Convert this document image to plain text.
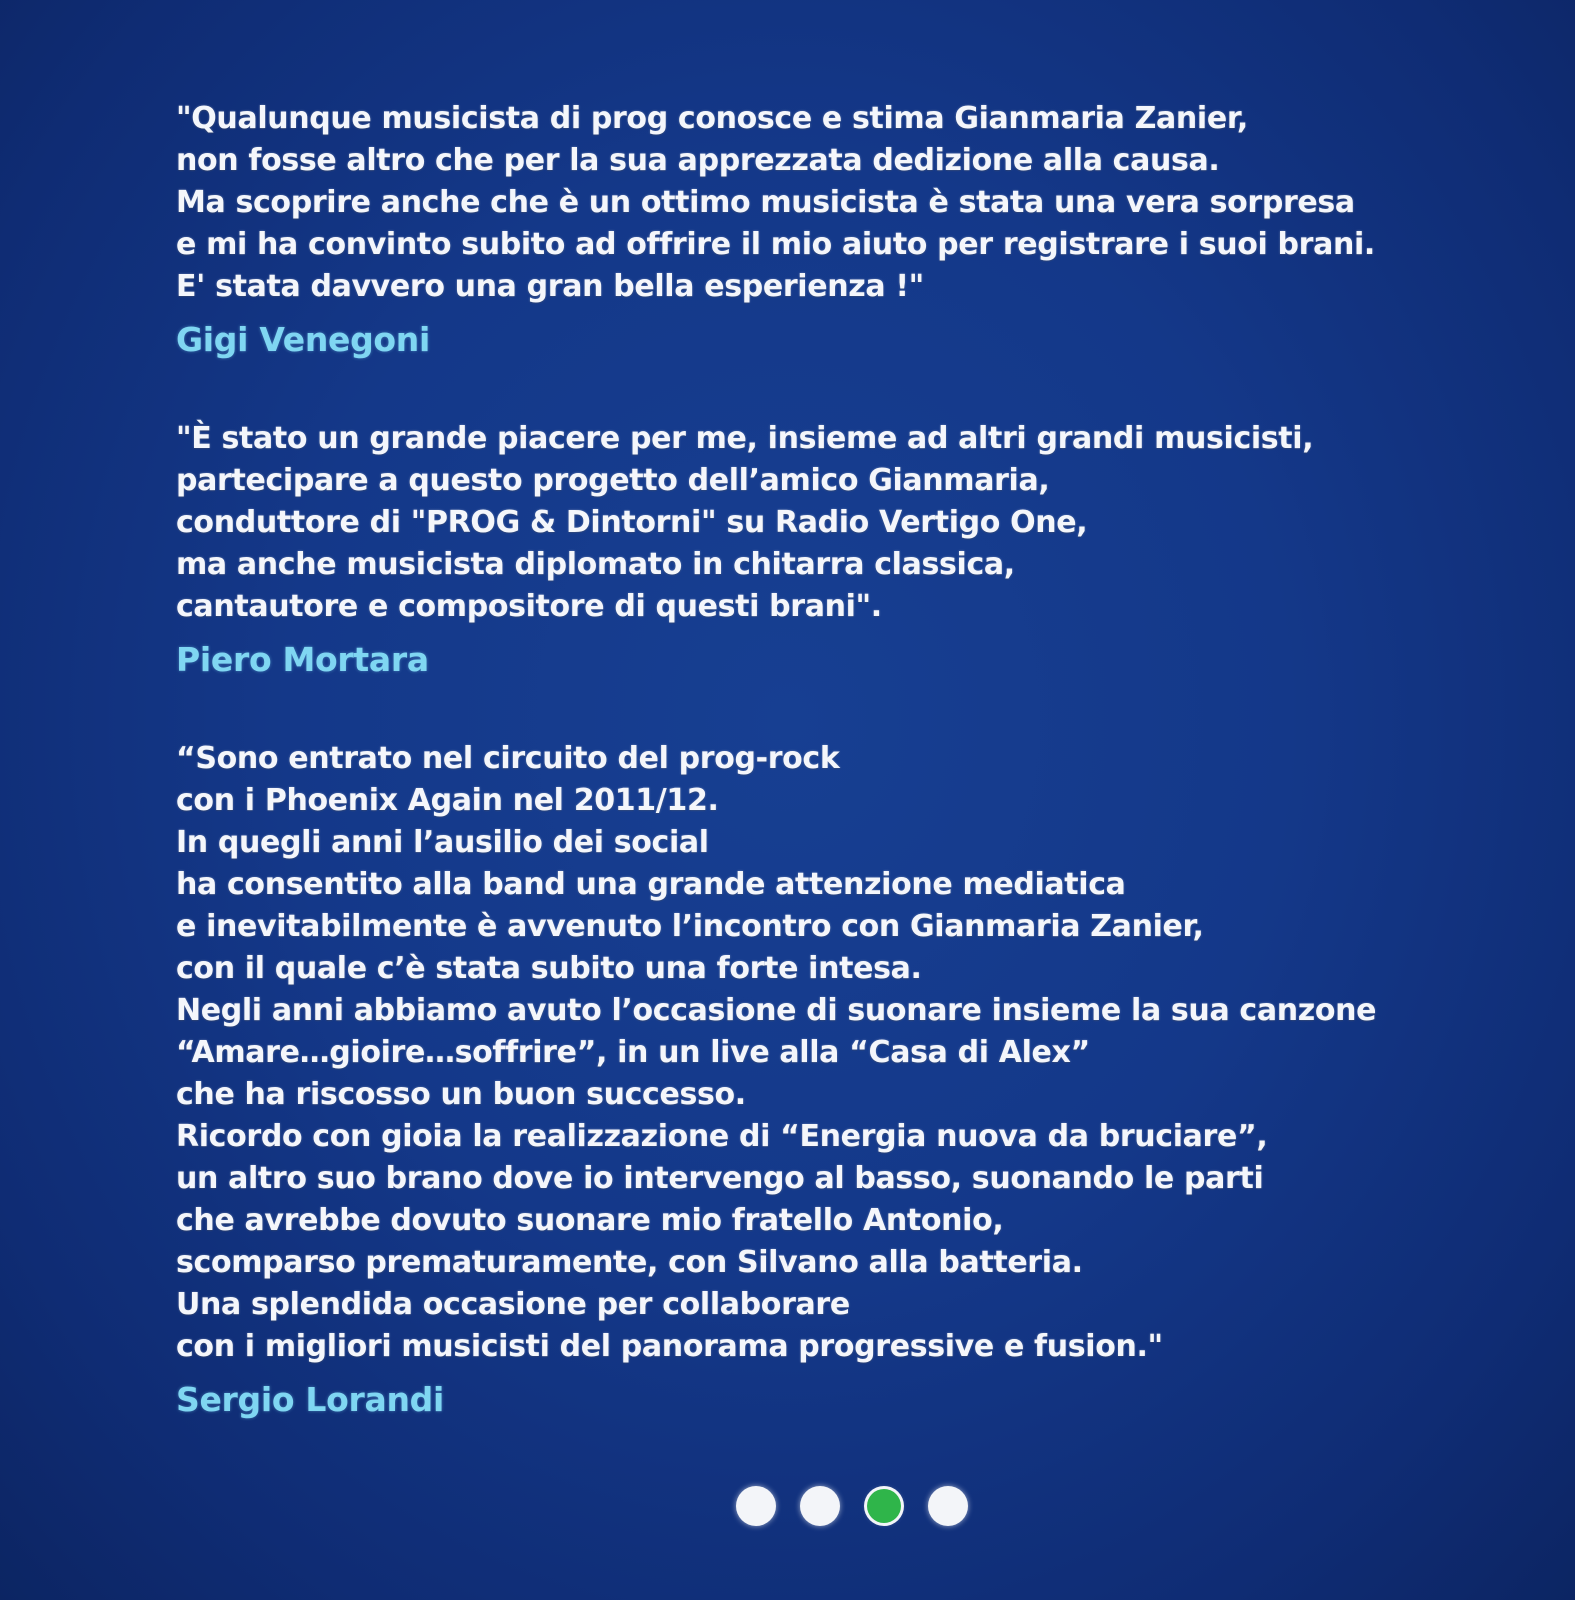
"Qualunque musicista di prog conosce e stima Gianmaria Zanier,
non fosse altro che per la sua apprezzata dedizione alla causa.
Ma scoprire anche che è un ottimo musicista è stata una vera sorpresa
e mi ha convinto subito ad offrire il mio aiuto per registrare i suoi brani.
E' stata davvero una gran bella esperienza !"
Gigi Venegoni
"È stato un grande piacere per me, insieme ad altri grandi musicisti,
partecipare a questo progetto dell’amico Gianmaria,
conduttore di "PROG & Dintorni" su Radio Vertigo One,
ma anche musicista diplomato in chitarra classica,
cantautore e compositore di questi brani".
Piero Mortara
“Sono entrato nel circuito del prog-rock
con i Phoenix Again nel 2011/12.
In quegli anni l’ausilio dei social
ha consentito alla band una grande attenzione mediatica
e inevitabilmente è avvenuto l’incontro con Gianmaria Zanier,
con il quale c’è stata subito una forte intesa.
Negli anni abbiamo avuto l’occasione di suonare insieme la sua canzone
“Amare…gioire…soffrire”, in un live alla “Casa di Alex”
che ha riscosso un buon successo.
Ricordo con gioia la realizzazione di “Energia nuova da bruciare”,
un altro suo brano dove io intervengo al basso, suonando le parti
che avrebbe dovuto suonare mio fratello Antonio,
scomparso prematuramente, con Silvano alla batteria.
Una splendida occasione per collaborare
con i migliori musicisti del panorama progressive e fusion."
Sergio Lorandi
